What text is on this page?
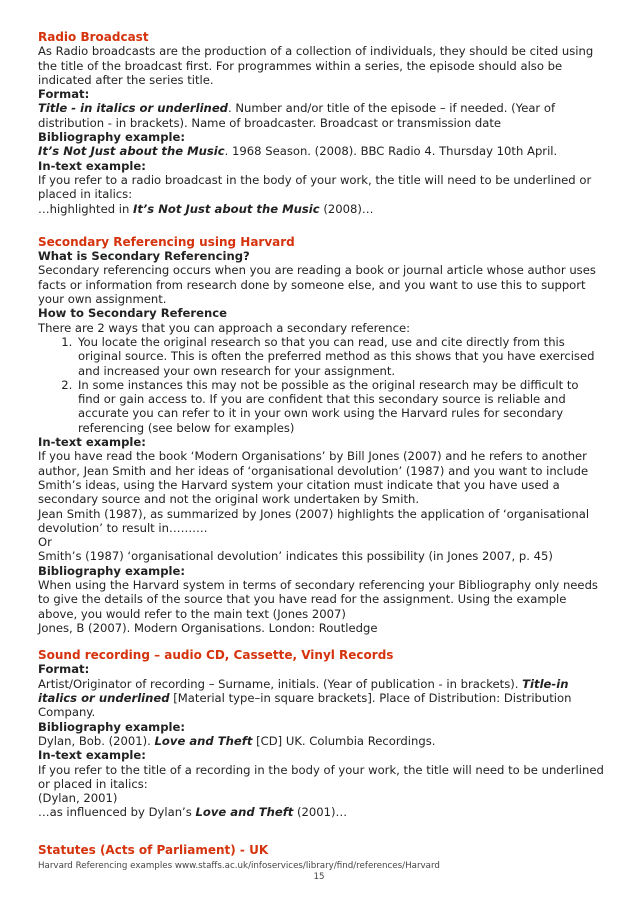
Radio Broadcast

As Radio broadcasts are the production of a collection of individuals, they should be cited using the title of the broadcast first. For programmes within a series, the episode should also be indicated after the series title.

Format:

Title - in italics or underlined. Number and/or title of the episode – if needed. (Year of distribution - in brackets). Name of broadcaster. Broadcast or transmission date

Bibliography example:

It’s Not Just about the Music. 1968 Season. (2008). BBC Radio 4. Thursday 10th April.

In-text example:

If you refer to a radio broadcast in the body of your work, the title will need to be underlined or placed in italics:

…highlighted in It’s Not Just about the Music (2008)…

Secondary Referencing using Harvard

What is Secondary Referencing?

Secondary referencing occurs when you are reading a book or journal article whose author uses facts or information from research done by someone else, and you want to use this to support your own assignment.

How to Secondary Reference

There are 2 ways that you can approach a secondary reference:

1. You locate the original research so that you can read, use and cite directly from this original source. This is often the preferred method as this shows that you have exercised and increased your own research for your assignment.
2. In some instances this may not be possible as the original research may be difficult to find or gain access to. If you are confident that this secondary source is reliable and accurate you can refer to it in your own work using the Harvard rules for secondary referencing (see below for examples)

In-text example:

If you have read the book ‘Modern Organisations’ by Bill Jones (2007) and he refers to another author, Jean Smith and her ideas of ‘organisational devolution’ (1987) and you want to include Smith’s ideas, using the Harvard system your citation must indicate that you have used a secondary source and not the original work undertaken by Smith.

Jean Smith (1987), as summarized by Jones (2007) highlights the application of ‘organisational devolution’ to result in……….

Or

Smith’s (1987) ‘organisational devolution’ indicates this possibility (in Jones 2007, p. 45)

Bibliography example:

When using the Harvard system in terms of secondary referencing your Bibliography only needs to give the details of the source that you have read for the assignment. Using the example above, you would refer to the main text (Jones 2007)

Jones, B (2007). Modern Organisations. London: Routledge

Sound recording – audio CD, Cassette, Vinyl Records

Format:

Artist/Originator of recording – Surname, initials. (Year of publication - in brackets). Title-in italics or underlined [Material type–in square brackets]. Place of Distribution: Distribution Company.

Bibliography example:

Dylan, Bob. (2001). Love and Theft [CD] UK. Columbia Recordings.

In-text example:

If you refer to the title of a recording in the body of your work, the title will need to be underlined or placed in italics:

(Dylan, 2001)

…as influenced by Dylan’s Love and Theft (2001)…

Statutes (Acts of Parliament) - UK

Harvard Referencing examples www.staffs.ac.uk/infoservices/library/find/references/Harvard
15
